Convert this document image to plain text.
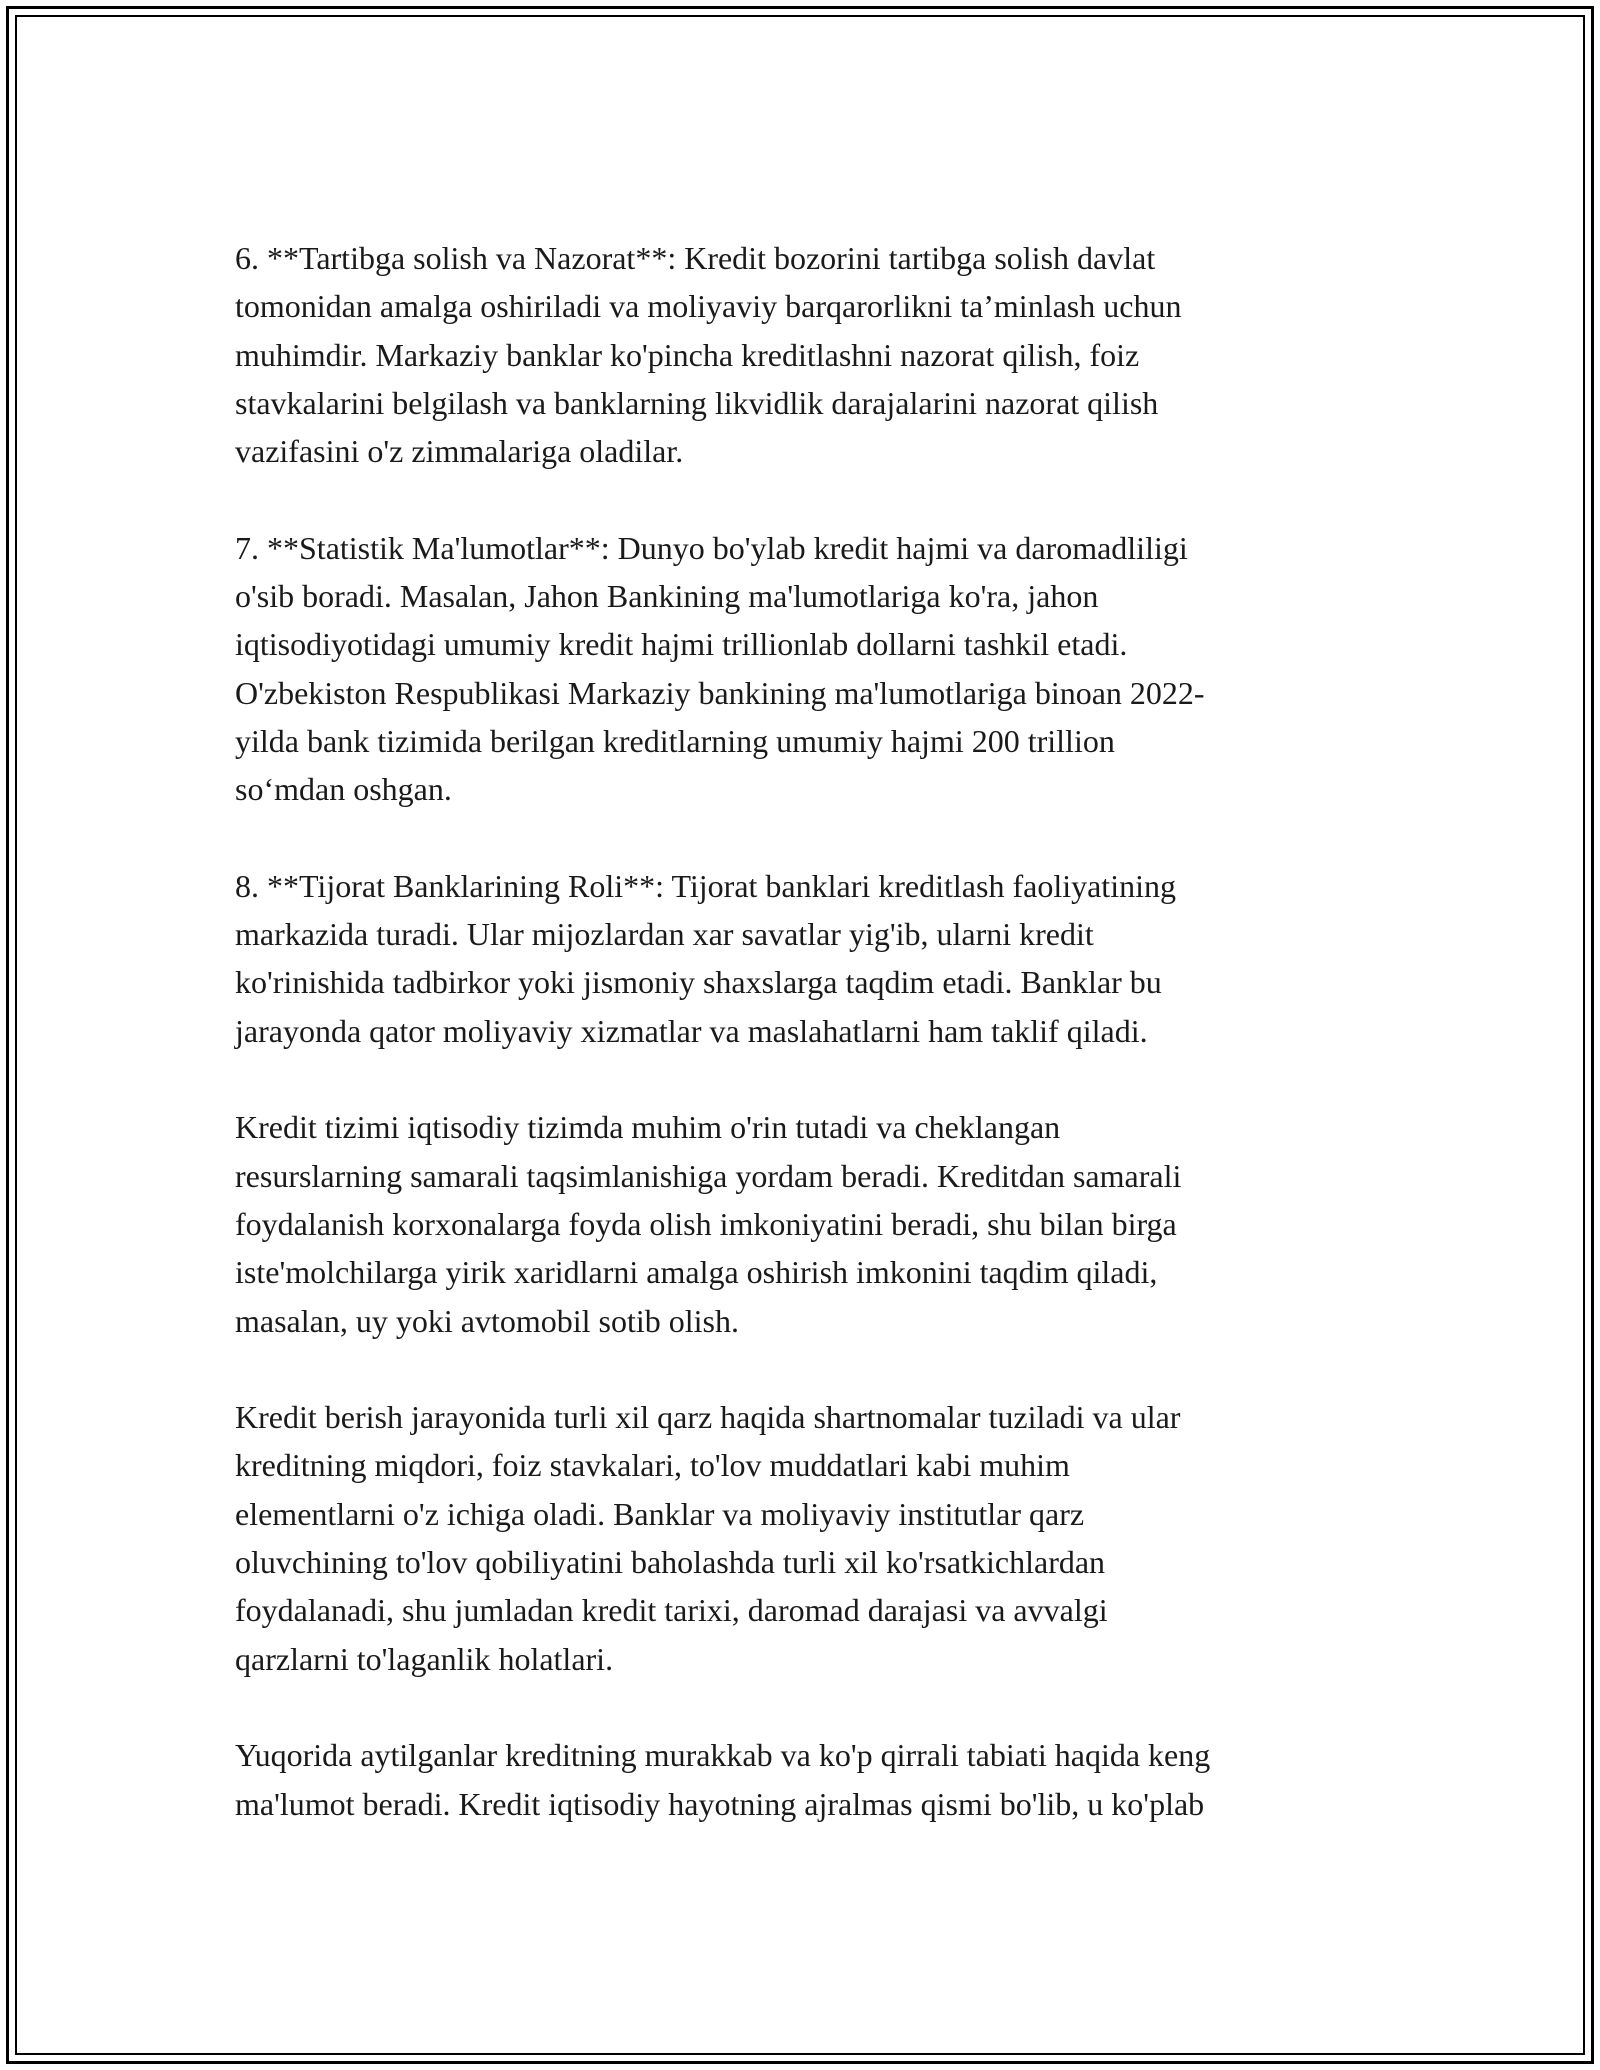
6. **Tartibga solish va Nazorat**: Kredit bozorini tartibga solish davlat
tomonidan amalga oshiriladi va moliyaviy barqarorlikni ta’minlash uchun
muhimdir. Markaziy banklar ko'pincha kreditlashni nazorat qilish, foiz
stavkalarini belgilash va banklarning likvidlik darajalarini nazorat qilish
vazifasini o'z zimmalariga oladilar.

7. **Statistik Ma'lumotlar**: Dunyo bo'ylab kredit hajmi va daromadliligi
o'sib boradi. Masalan, Jahon Bankining ma'lumotlariga ko'ra, jahon
iqtisodiyotidagi umumiy kredit hajmi trillionlab dollarni tashkil etadi.
O'zbekiston Respublikasi Markaziy bankining ma'lumotlariga binoan 2022-
yilda bank tizimida berilgan kreditlarning umumiy hajmi 200 trillion
so‘mdan oshgan.

8. **Tijorat Banklarining Roli**: Tijorat banklari kreditlash faoliyatining
markazida turadi. Ular mijozlardan xar savatlar yig'ib, ularni kredit
ko'rinishida tadbirkor yoki jismoniy shaxslarga taqdim etadi. Banklar bu
jarayonda qator moliyaviy xizmatlar va maslahatlarni ham taklif qiladi.

Kredit tizimi iqtisodiy tizimda muhim o'rin tutadi va cheklangan
resurslarning samarali taqsimlanishiga yordam beradi. Kreditdan samarali
foydalanish korxonalarga foyda olish imkoniyatini beradi, shu bilan birga
iste'molchilarga yirik xaridlarni amalga oshirish imkonini taqdim qiladi,
masalan, uy yoki avtomobil sotib olish.

Kredit berish jarayonida turli xil qarz haqida shartnomalar tuziladi va ular
kreditning miqdori, foiz stavkalari, to'lov muddatlari kabi muhim
elementlarni o'z ichiga oladi. Banklar va moliyaviy institutlar qarz
oluvchining to'lov qobiliyatini baholashda turli xil ko'rsatkichlardan
foydalanadi, shu jumladan kredit tarixi, daromad darajasi va avvalgi
qarzlarni to'laganlik holatlari.

Yuqorida aytilganlar kreditning murakkab va ko'p qirrali tabiati haqida keng
ma'lumot beradi. Kredit iqtisodiy hayotning ajralmas qismi bo'lib, u ko'plab
